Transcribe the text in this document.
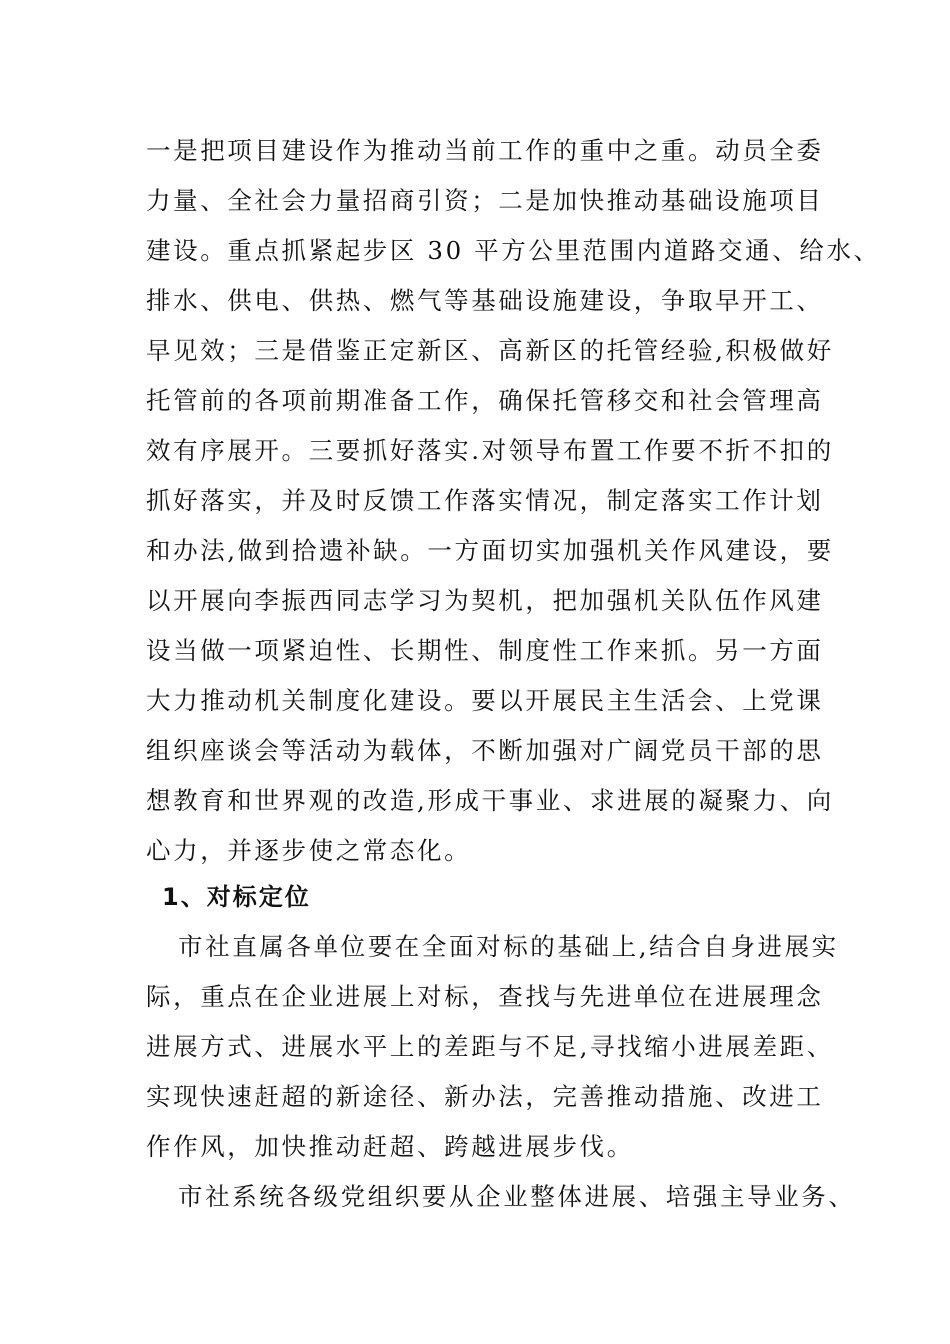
一是把项目建设作为推动当前工作的重中之重。动员全委
力量、全社会力量招商引资；二是加快推动基础设施项目
建设。重点抓紧起步区 30 平方公里范围内道路交通、给水、
排水、供电、供热、燃气等基础设施建设，争取早开工、
早见效；三是借鉴正定新区、高新区的托管经验,积极做好
托管前的各项前期准备工作，确保托管移交和社会管理高
效有序展开。三要抓好落实.对领导布置工作要不折不扣的
抓好落实，并及时反馈工作落实情况，制定落实工作计划
和办法,做到拾遗补缺。一方面切实加强机关作风建设，要
以开展向李振西同志学习为契机，把加强机关队伍作风建
设当做一项紧迫性、长期性、制度性工作来抓。另一方面
大力推动机关制度化建设。要以开展民主生活会、上党课
组织座谈会等活动为载体，不断加强对广阔党员干部的思
想教育和世界观的改造,形成干事业、求进展的凝聚力、向
心力，并逐步使之常态化。
1、对标定位
市社直属各单位要在全面对标的基础上,结合自身进展实
际，重点在企业进展上对标，查找与先进单位在进展理念
进展方式、进展水平上的差距与不足,寻找缩小进展差距、
实现快速赶超的新途径、新办法，完善推动措施、改进工
作作风，加快推动赶超、跨越进展步伐。
市社系统各级党组织要从企业整体进展、培强主导业务、
